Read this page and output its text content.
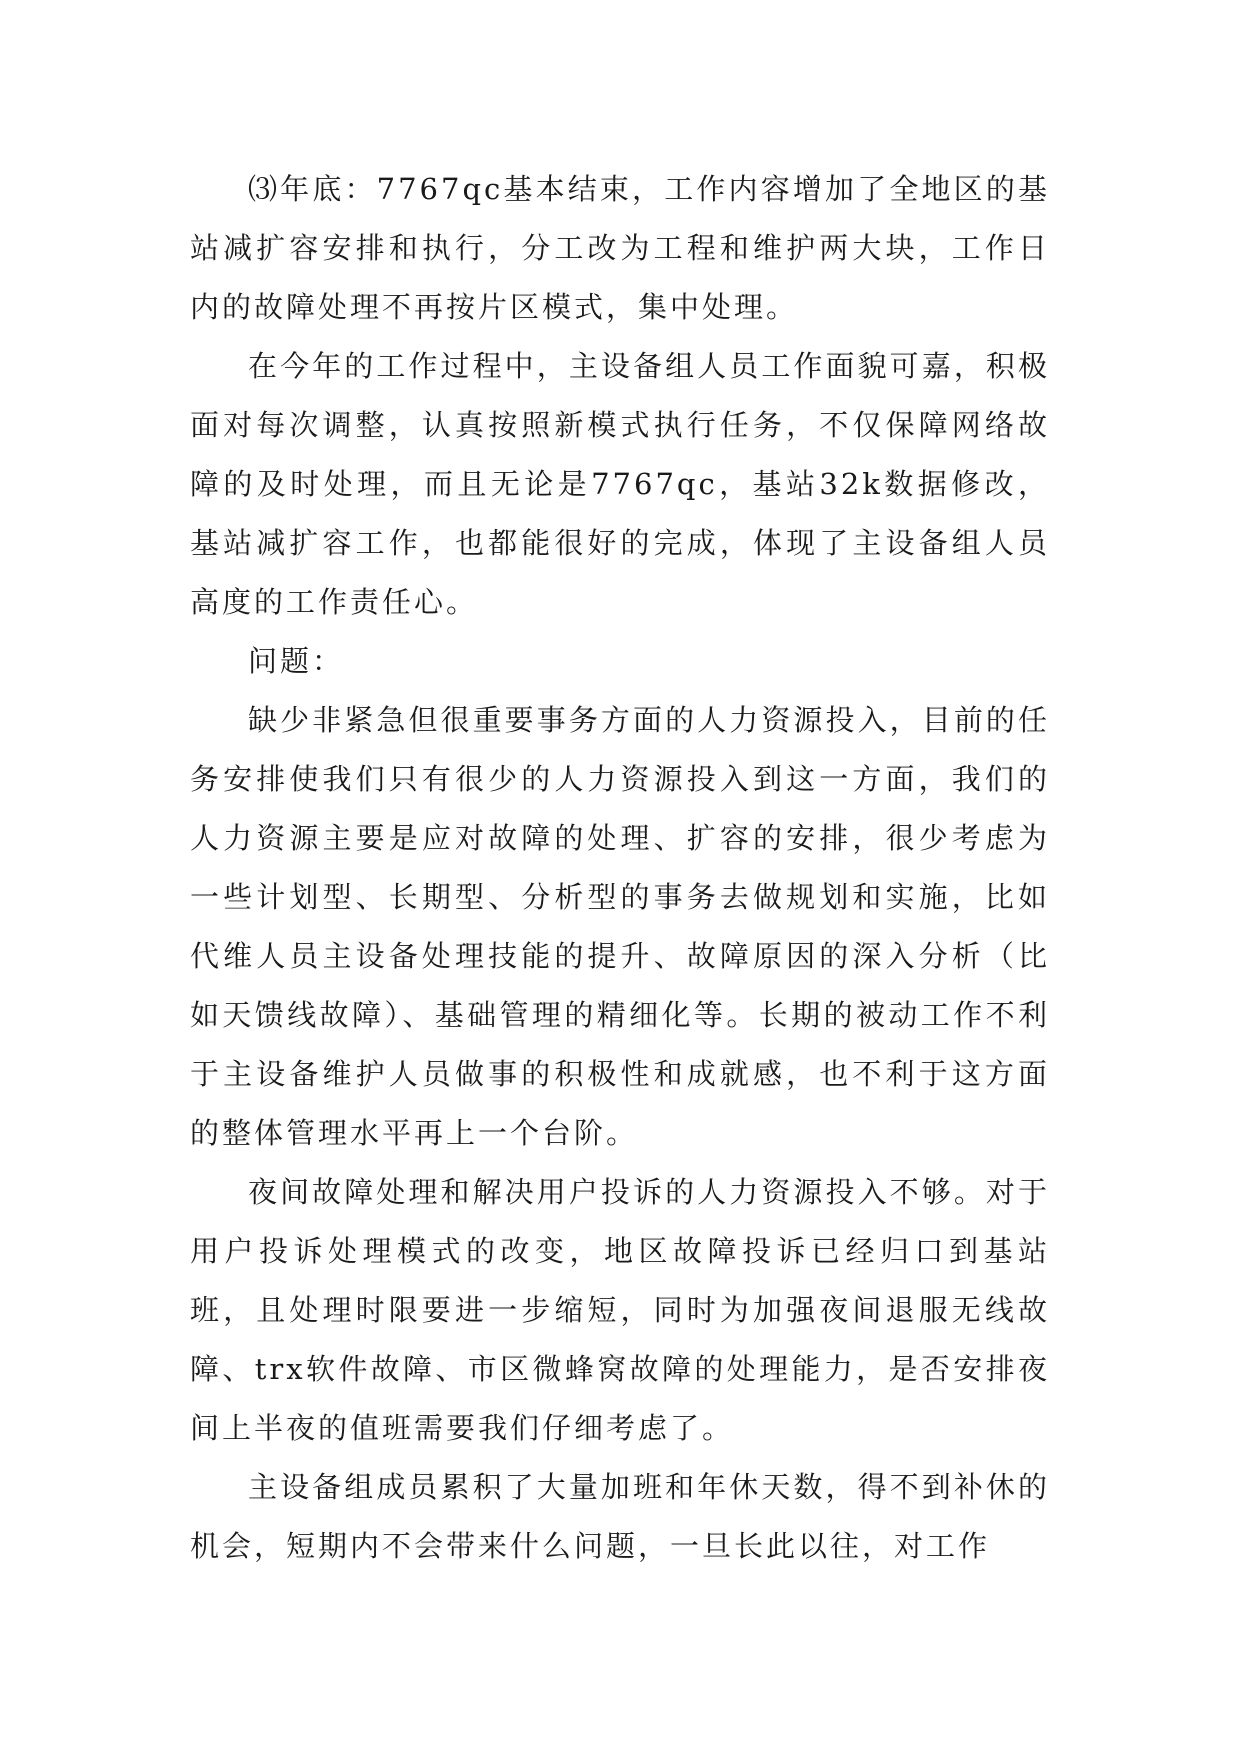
⑶年底：7767qc基本结束，工作内容增加了全地区的基站减扩容安排和执行，分工改为工程和维护两大块，工作日内的故障处理不再按片区模式，集中处理。

在今年的工作过程中，主设备组人员工作面貌可嘉，积极面对每次调整，认真按照新模式执行任务，不仅保障网络故障的及时处理，而且无论是7767qc，基站32k数据修改，基站减扩容工作，也都能很好的完成，体现了主设备组人员高度的工作责任心。

问题：

缺少非紧急但很重要事务方面的人力资源投入，目前的任务安排使我们只有很少的人力资源投入到这一方面，我们的人力资源主要是应对故障的处理、扩容的安排，很少考虑为一些计划型、长期型、分析型的事务去做规划和实施，比如代维人员主设备处理技能的提升、故障原因的深入分析（比如天馈线故障）、基础管理的精细化等。长期的被动工作不利于主设备维护人员做事的积极性和成就感，也不利于这方面的整体管理水平再上一个台阶。

夜间故障处理和解决用户投诉的人力资源投入不够。对于用户投诉处理模式的改变，地区故障投诉已经归口到基站班，且处理时限要进一步缩短，同时为加强夜间退服无线故障、trx软件故障、市区微蜂窝故障的处理能力，是否安排夜间上半夜的值班需要我们仔细考虑了。

主设备组成员累积了大量加班和年休天数，得不到补休的机会，短期内不会带来什么问题，一旦长此以往，对工作
